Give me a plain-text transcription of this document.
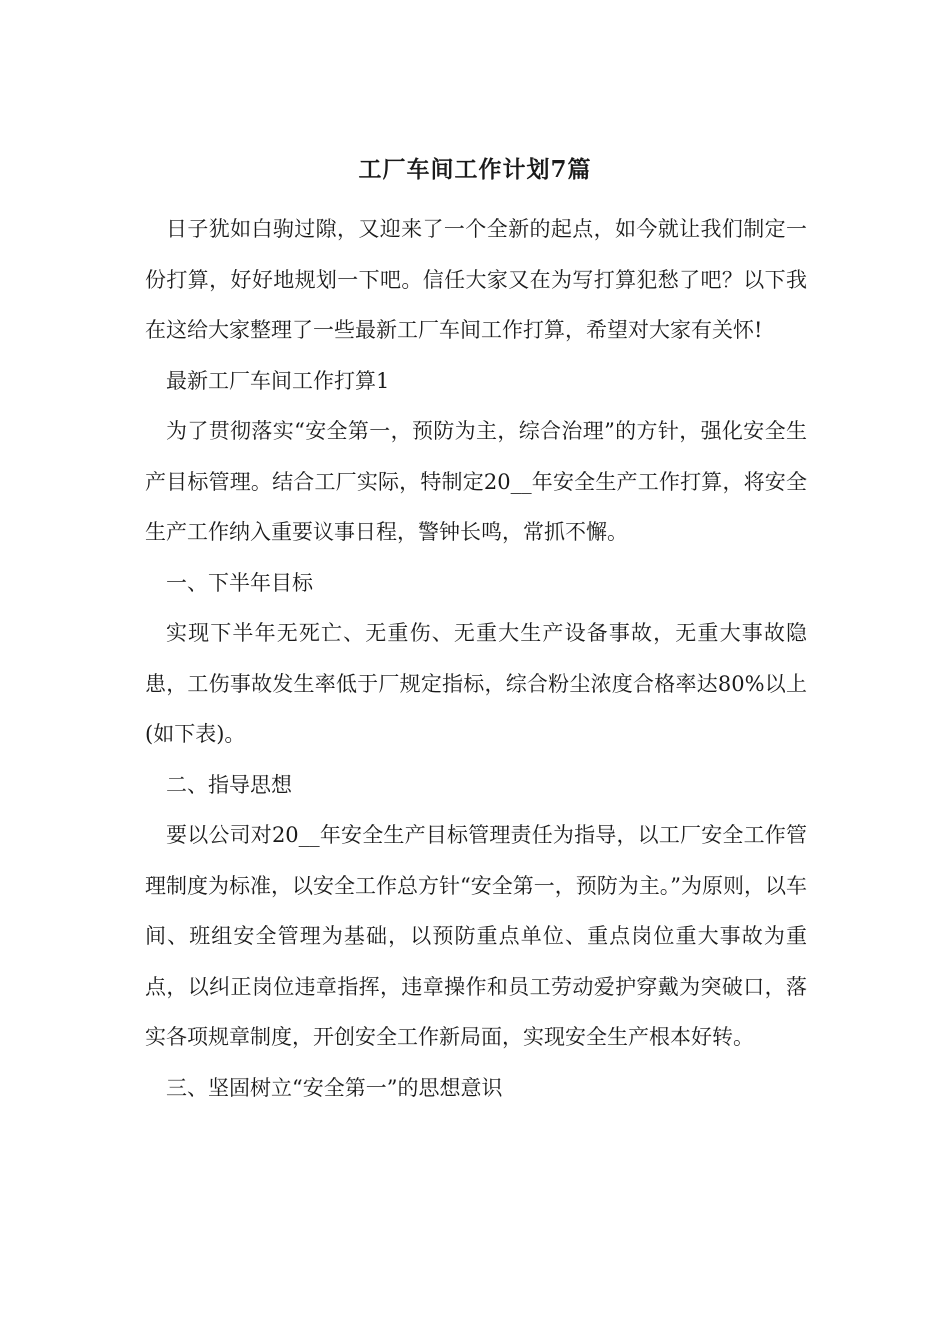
工厂车间工作计划7篇

日子犹如白驹过隙，又迎来了一个全新的起点，如今就让我们制定一份打算，好好地规划一下吧。信任大家又在为写打算犯愁了吧？以下我在这给大家整理了一些最新工厂车间工作打算，希望对大家有关怀!

最新工厂车间工作打算1

为了贯彻落实“安全第一，预防为主，综合治理”的方针，强化安全生产目标管理。结合工厂实际，特制定20__年安全生产工作打算，将安全生产工作纳入重要议事日程，警钟长鸣，常抓不懈。

一、下半年目标

实现下半年无死亡、无重伤、无重大生产设备事故，无重大事故隐患，工伤事故发生率低于厂规定指标，综合粉尘浓度合格率达80%以上(如下表)。

二、指导思想

要以公司对20__年安全生产目标管理责任为指导，以工厂安全工作管理制度为标准，以安全工作总方针“安全第一，预防为主。”为原则，以车间、班组安全管理为基础，以预防重点单位、重点岗位重大事故为重点，以纠正岗位违章指挥，违章操作和员工劳动爱护穿戴为突破口，落实各项规章制度，开创安全工作新局面，实现安全生产根本好转。

三、坚固树立“安全第一”的思想意识
